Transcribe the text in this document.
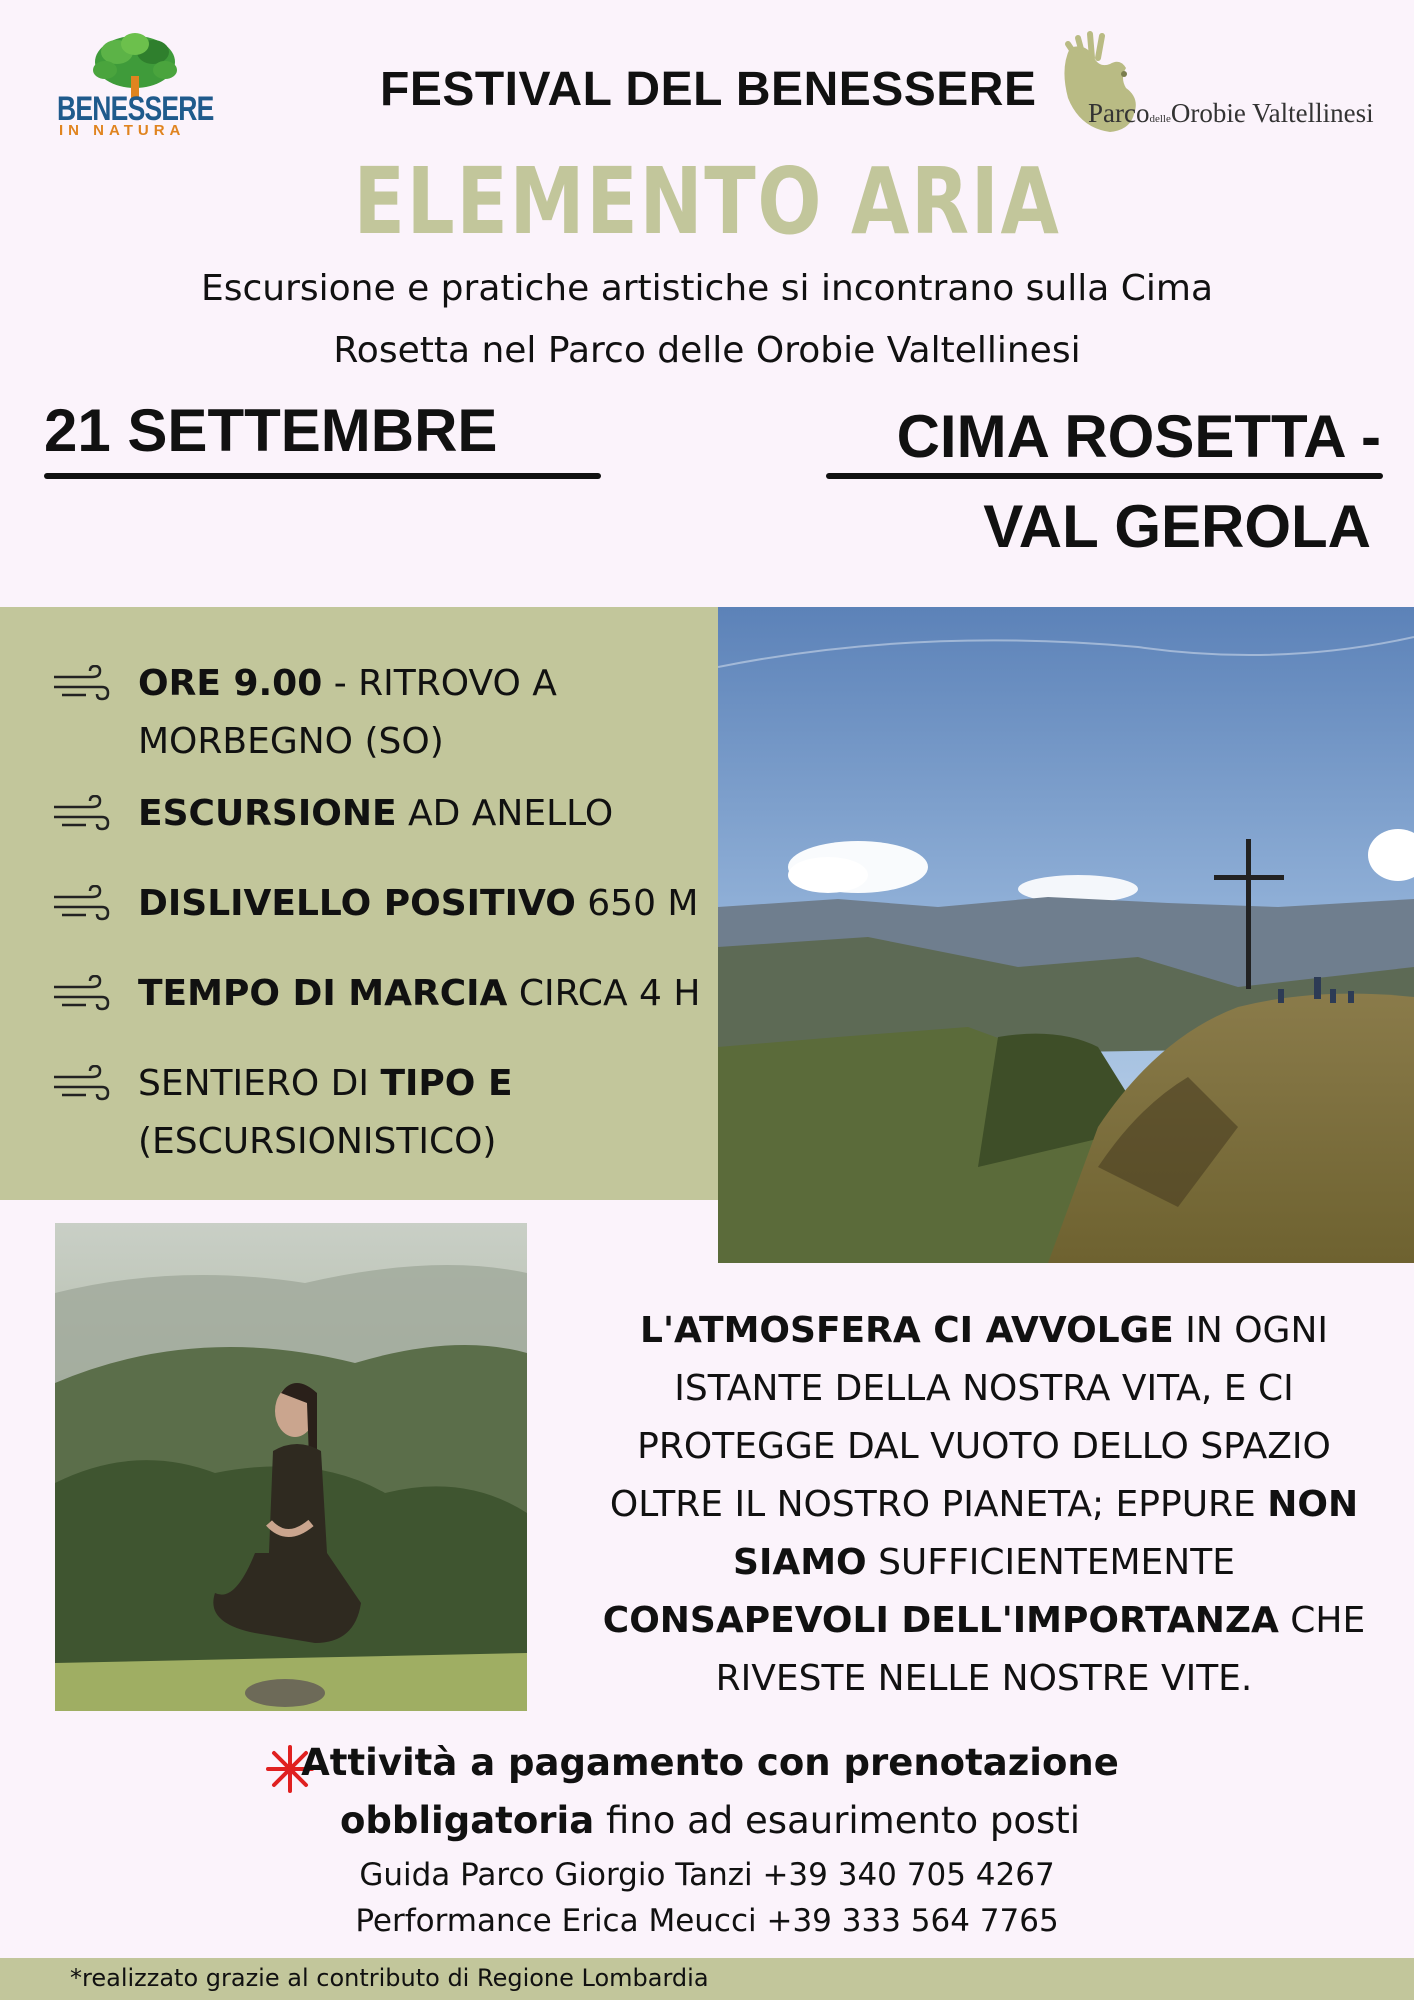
BENESSERE
IN NATURA
FESTIVAL DEL BENESSERE ParcodelleOrobie Valtellinesi
ELEMENTO ARIA
Escursione e pratiche artistiche si incontrano sulla Cima Rosetta nel Parco delle Orobie Valtellinesi
21 SETTEMBRE	CIMA ROSETTA -
VAL GEROLA
ORE 9.00 - RITROVO A MORBEGNO (SO)
ESCURSIONE AD ANELLO
DISLIVELLO POSITIVO 650 M
TEMPO DI MARCIA CIRCA 4 H
SENTIERO DI TIPO E (ESCURSIONISTICO)
L'ATMOSFERA CI AVVOLGE IN OGNI ISTANTE DELLA NOSTRA VITA, E CI PROTEGGE DAL VUOTO DELLO SPAZIO OLTRE IL NOSTRO PIANETA; EPPURE NON SIAMO SUFFICIENTEMENTE CONSAPEVOLI DELL'IMPORTANZA CHE RIVESTE NELLE NOSTRE VITE.
Attività a pagamento con prenotazione
obbligatoria fino ad esaurimento posti
Guida Parco Giorgio Tanzi +39 340 705 4267
Performance Erica Meucci +39 333 564 7765
*realizzato grazie al contributo di Regione Lombardia
